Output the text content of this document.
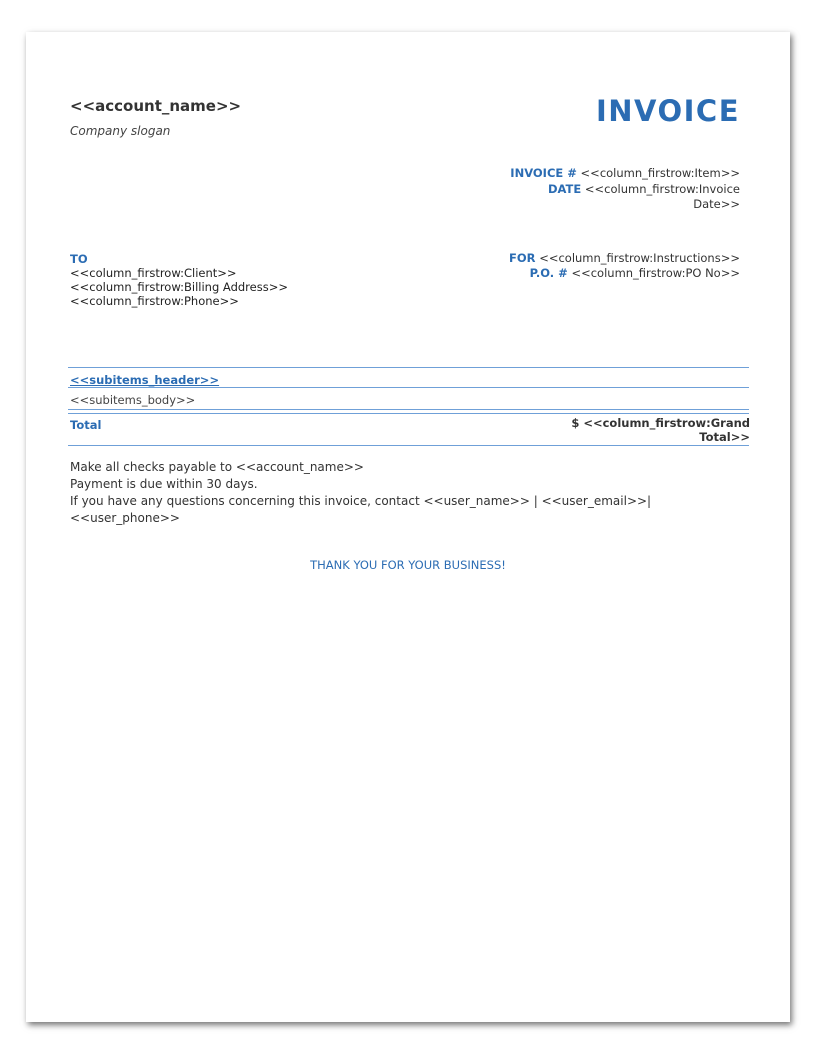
<<account_name>>
Company slogan
INVOICE
INVOICE # <<column_firstrow:Item>>
DATE <<column_firstrow:Invoice Date>>
FOR <<column_firstrow:Instructions>>
P.O. # <<column_firstrow:PO No>>
TO
<<column_firstrow:Client>>
<<column_firstrow:Billing Address>>
<<column_firstrow:Phone>>
<<subitems_header>>
<<subitems_body>>
Total	$ <<column_firstrow:Grand Total>>
Make all checks payable to <<account_name>>
Payment is due within 30 days.
If you have any questions concerning this invoice, contact <<user_name>> | <<user_email>>| <<user_phone>>
THANK YOU FOR YOUR BUSINESS!
